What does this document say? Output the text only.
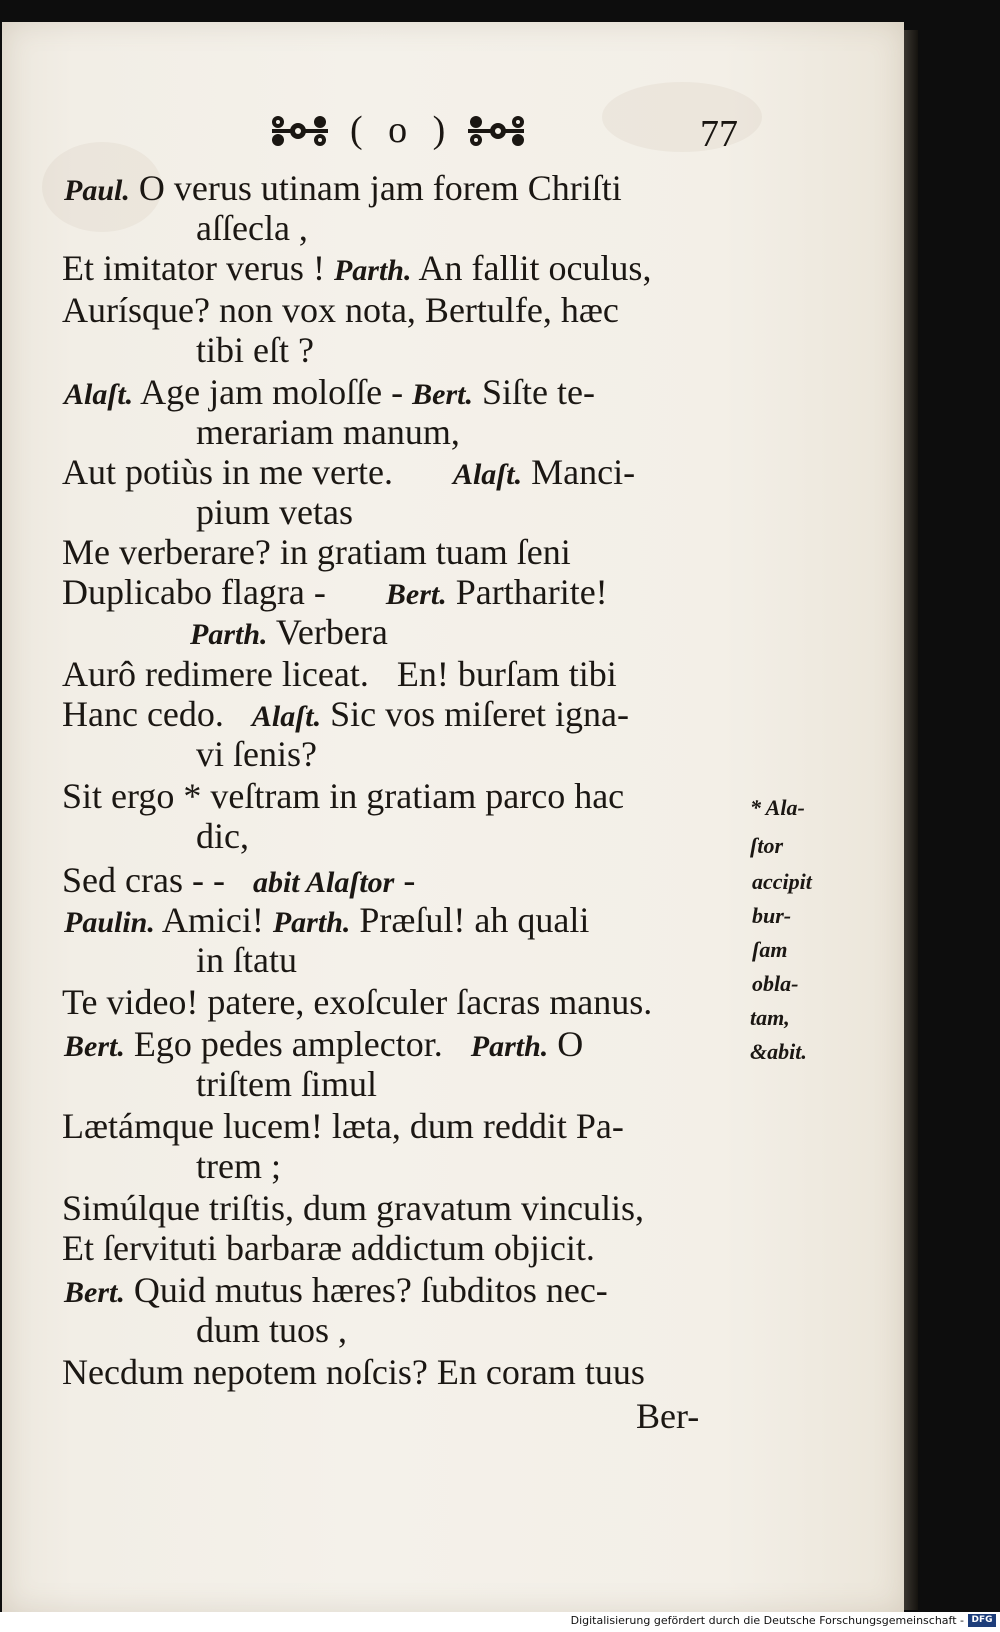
( o )	77
Paul. O verus utinam jam forem Chriſti
aſſecla ,
Et imitator verus ! Parth. An fallit oculus,
Aurísque? non vox nota, Bertulfe, hæc
tibi eſt ?
Alaſt. Age jam moloſſe - Bert. Siſte te-
merariam manum,
Aut potiùs in me verte. Alaſt. Manci-
pium vetas
Me verberare? in gratiam tuam ſeni
Duplicabo flagra - Bert. Partharite!
Parth. Verbera
Aurô redimere liceat. En! burſam tibi
Hanc cedo. Alaſt. Sic vos miſeret igna-
vi ſenis?
Sit ergo * veſtram in gratiam parco hac
dic,
Sed cras - - abit Alaſtor -
Paulin. Amici! Parth. Præſul! ah quali
in ſtatu
Te video! patere, exoſculer ſacras manus.
Bert. Ego pedes amplector. Parth. O
triſtem ſimul
Lætámque lucem! læta, dum reddit Pa-
trem ;
Simúlque triſtis, dum gravatum vinculis,
Et ſervituti barbaræ addictum objicit.
Bert. Quid mutus hæres? ſubditos nec-
dum tuos ,
Necdum nepotem noſcis? En coram tuus
Ber-
* Ala-
ſtor
accipit
bur-
ſam
obla-
tam,
&abit.
Digitalisierung gefördert durch die Deutsche Forschungsgemeinschaft - DFG
